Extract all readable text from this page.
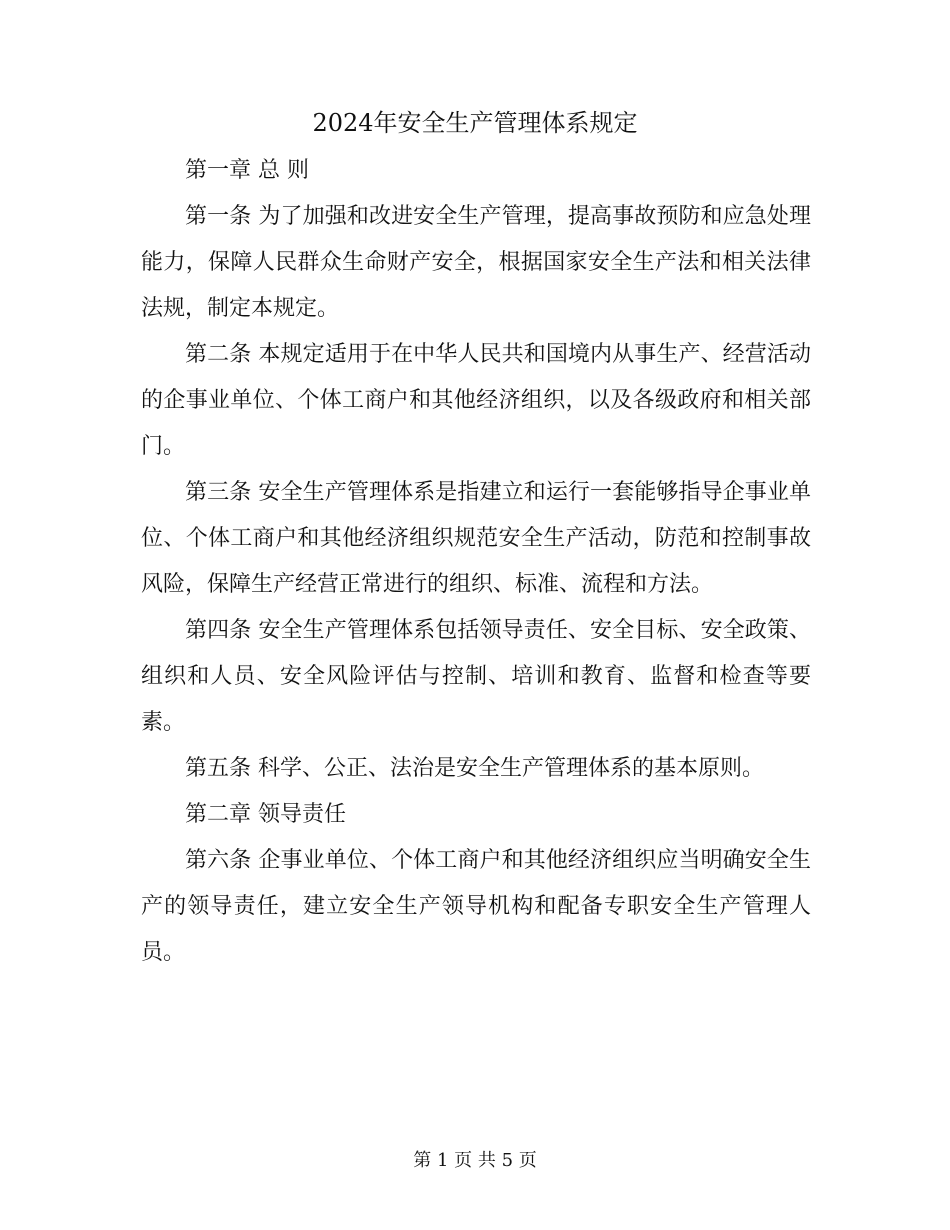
2024年安全生产管理体系规定

第一章 总 则

第一条 为了加强和改进安全生产管理，提高事故预防和应急处理能力，保障人民群众生命财产安全，根据国家安全生产法和相关法律法规，制定本规定。

第二条 本规定适用于在中华人民共和国境内从事生产、经营活动的企事业单位、个体工商户和其他经济组织，以及各级政府和相关部门。

第三条 安全生产管理体系是指建立和运行一套能够指导企事业单位、个体工商户和其他经济组织规范安全生产活动，防范和控制事故风险，保障生产经营正常进行的组织、标准、流程和方法。

第四条 安全生产管理体系包括领导责任、安全目标、安全政策、组织和人员、安全风险评估与控制、培训和教育、监督和检查等要素。

第五条 科学、公正、法治是安全生产管理体系的基本原则。

第二章 领导责任

第六条 企事业单位、个体工商户和其他经济组织应当明确安全生产的领导责任，建立安全生产领导机构和配备专职安全生产管理人员。

第 1 页 共 5 页
